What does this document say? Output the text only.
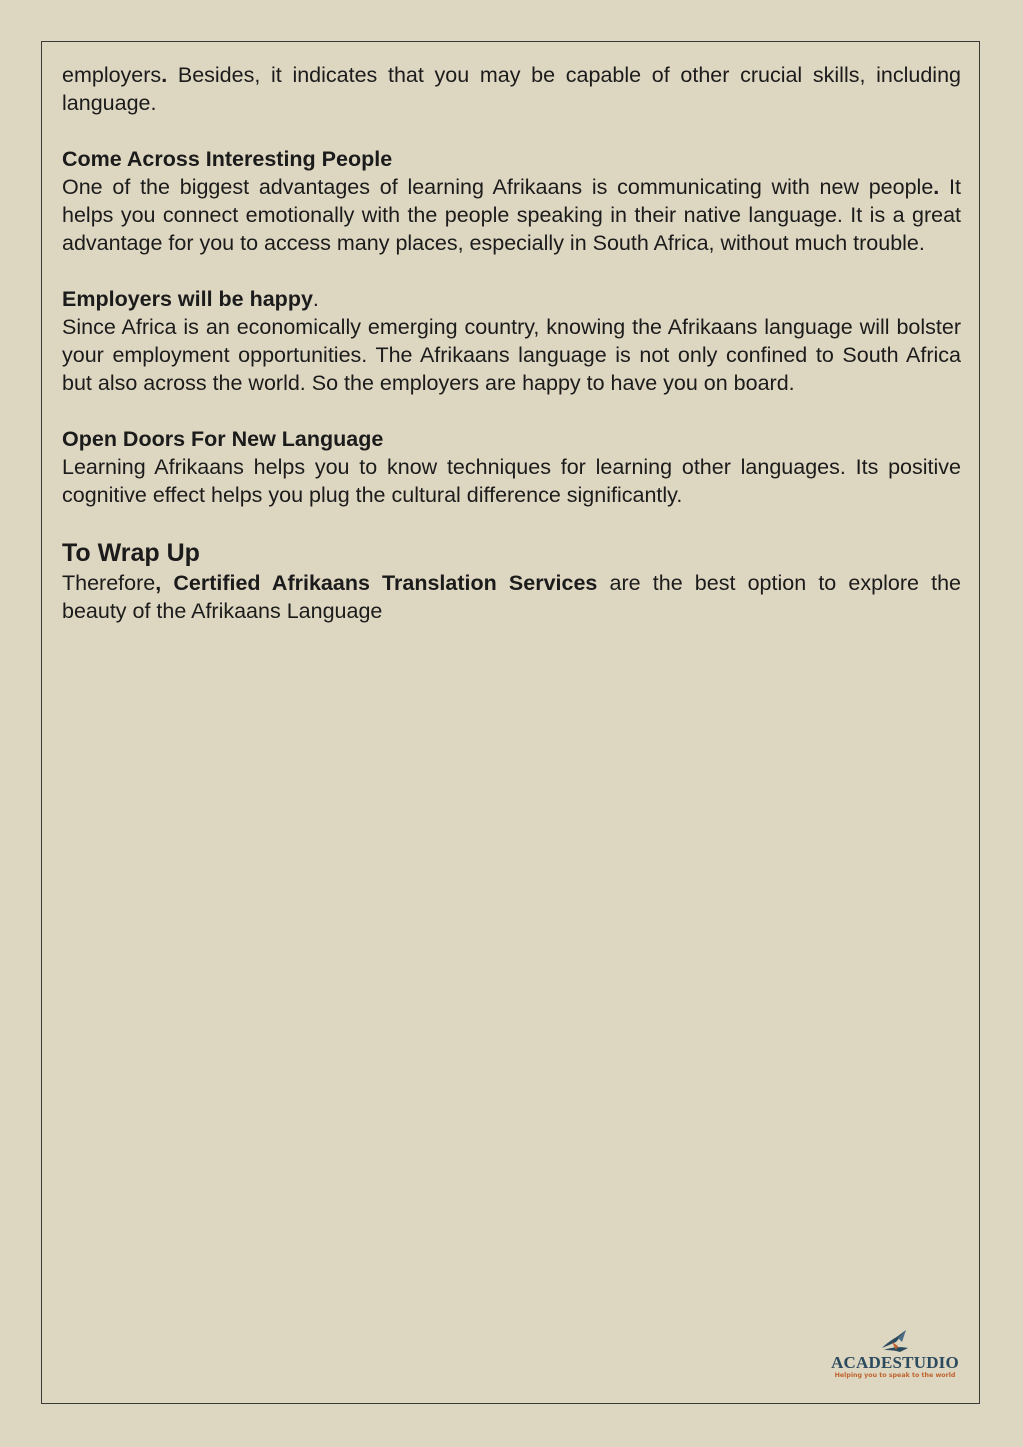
employers. Besides, it indicates that you may be capable of other crucial skills, including language.

Come Across Interesting People

One of the biggest advantages of learning Afrikaans is communicating with new people. It helps you connect emotionally with the people speaking in their native language. It is a great advantage for you to access many places, especially in South Africa, without much trouble.

Employers will be happy.

Since Africa is an economically emerging country, knowing the Afrikaans language will bolster your employment opportunities. The Afrikaans language is not only confined to South Africa but also across the world. So the employers are happy to have you on board.

Open Doors For New Language

Learning Afrikaans helps you to know techniques for learning other languages. Its positive cognitive effect helps you plug the cultural difference significantly.

To Wrap Up

Therefore, Certified Afrikaans Translation Services are the best option to explore the beauty of the Afrikaans Language

ACADESTUDIO
Helping you to speak to the world
